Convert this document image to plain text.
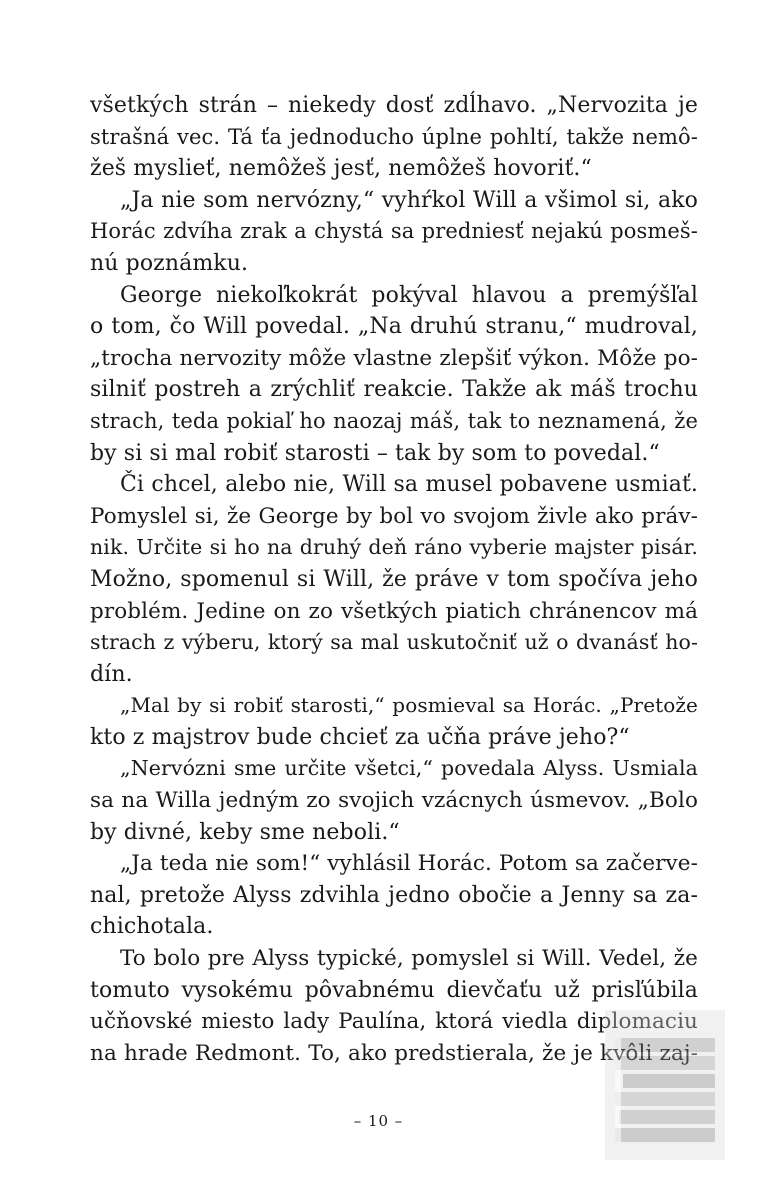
všetkých strán – niekedy dosť zdĺhavo. „Nervozita je
strašná vec. Tá ťa jednoducho úplne pohltí, takže nemô-
žeš myslieť, nemôžeš jesť, nemôžeš hovoriť.“
„Ja nie som nervózny,“ vyhŕkol Will a všimol si, ako
Horác zdvíha zrak a chystá sa predniesť nejakú posmeš-
nú poznámku.
George niekoľkokrát pokýval hlavou a premýšľal
o tom, čo Will povedal. „Na druhú stranu,“ mudroval,
„trocha nervozity môže vlastne zlepšiť výkon. Môže po-
silniť postreh a zrýchliť reakcie. Takže ak máš trochu
strach, teda pokiaľ ho naozaj máš, tak to neznamená, že
by si si mal robiť starosti – tak by som to povedal.“
Či chcel, alebo nie, Will sa musel pobavene usmiať.
Pomyslel si, že George by bol vo svojom živle ako práv-
nik. Určite si ho na druhý deň ráno vyberie majster pisár.
Možno, spomenul si Will, že práve v tom spočíva jeho
problém. Jedine on zo všetkých piatich chránencov má
strach z výberu, ktorý sa mal uskutočniť už o dvanásť ho-
dín.
„Mal by si robiť starosti,“ posmieval sa Horác. „Pretože
kto z majstrov bude chcieť za učňa práve jeho?“
„Nervózni sme určite všetci,“ povedala Alyss. Usmiala
sa na Willa jedným zo svojich vzácnych úsmevov. „Bolo
by divné, keby sme neboli.“
„Ja teda nie som!“ vyhlásil Horác. Potom sa začerve-
nal, pretože Alyss zdvihla jedno obočie a Jenny sa za-
chichotala.
To bolo pre Alyss typické, pomyslel si Will. Vedel, že
tomuto vysokému pôvabnému dievčaťu už prisľúbila
učňovské miesto lady Paulína, ktorá viedla diplomaciu
na hrade Redmont. To, ako predstierala, že je kvôli zaj-
– 10 –
